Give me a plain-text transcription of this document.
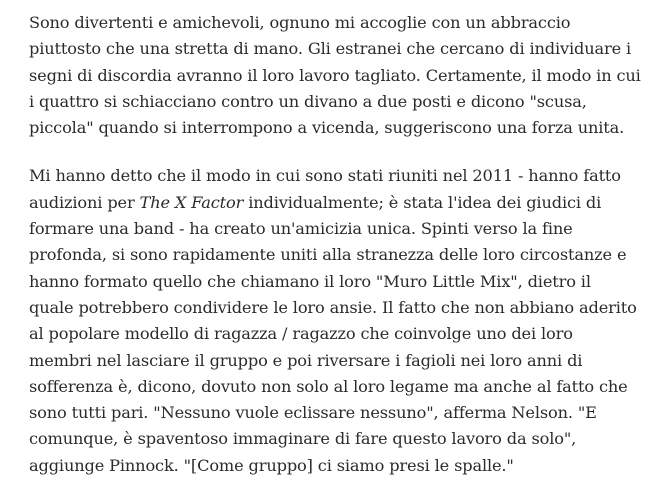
Sono divertenti e amichevoli, ognuno mi accoglie con un abbraccio
piuttosto che una stretta di mano. Gli estranei che cercano di individuare i
segni di discordia avranno il loro lavoro tagliato. Certamente, il modo in cui
i quattro si schiacciano contro un divano a due posti e dicono "scusa,
piccola" quando si interrompono a vicenda, suggeriscono una forza unita.

Mi hanno detto che il modo in cui sono stati riuniti nel 2011 - hanno fatto
audizioni per The X Factor individualmente; è stata l'idea dei giudici di
formare una band - ha creato un'amicizia unica. Spinti verso la fine
profonda, si sono rapidamente uniti alla stranezza delle loro circostanze e
hanno formato quello che chiamano il loro "Muro Little Mix", dietro il
quale potrebbero condividere le loro ansie. Il fatto che non abbiano aderito
al popolare modello di ragazza / ragazzo che coinvolge uno dei loro
membri nel lasciare il gruppo e poi riversare i fagioli nei loro anni di
sofferenza è, dicono, dovuto non solo al loro legame ma anche al fatto che
sono tutti pari. "Nessuno vuole eclissare nessuno", afferma Nelson. "E
comunque, è spaventoso immaginare di fare questo lavoro da solo",
aggiunge Pinnock. "[Come gruppo] ci siamo presi le spalle."
